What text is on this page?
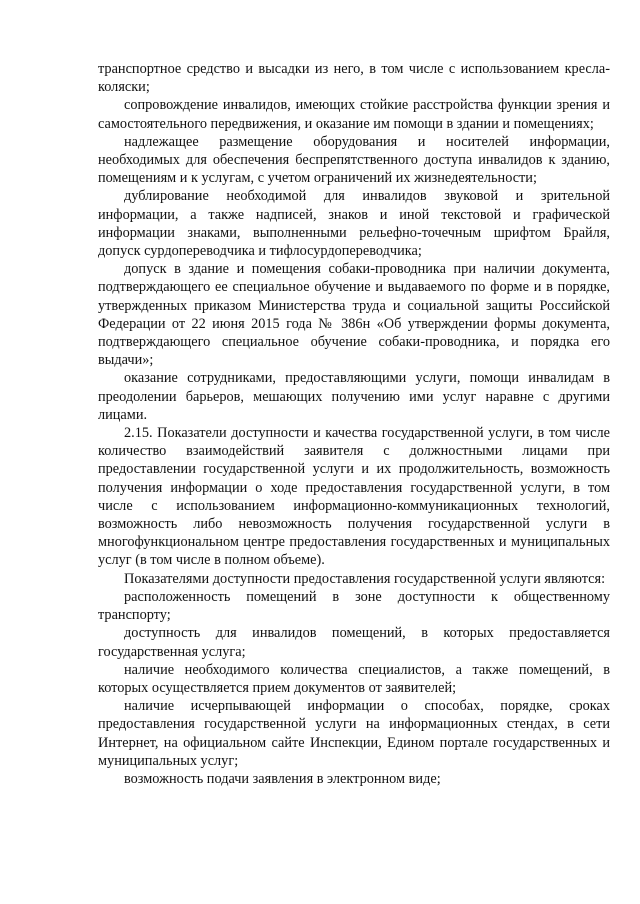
транспортное средство и высадки из него, в том числе с использованием кресла-коляски;

сопровождение инвалидов, имеющих стойкие расстройства функции зрения и самостоятельного передвижения, и оказание им помощи в здании и помещениях;

надлежащее размещение оборудования и носителей информации, необходимых для обеспечения беспрепятственного доступа инвалидов к зданию, помещениям и к услугам, с учетом ограничений их жизнедеятельности;

дублирование необходимой для инвалидов звуковой и зрительной информации, а также надписей, знаков и иной текстовой и графической информации знаками, выполненными рельефно-точечным шрифтом Брайля, допуск сурдопереводчика и тифлосурдопереводчика;

допуск в здание и помещения собаки-проводника при наличии документа, подтверждающего ее специальное обучение и выдаваемого по форме и в порядке, утвержденных приказом Министерства труда и социальной защиты Российской Федерации от 22 июня 2015 года № 386н «Об утверждении формы документа, подтверждающего специальное обучение собаки-проводника, и порядка его выдачи»;

оказание сотрудниками, предоставляющими услуги, помощи инвалидам в преодолении барьеров, мешающих получению ими услуг наравне с другими лицами.

2.15. Показатели доступности и качества государственной услуги, в том числе количество взаимодействий заявителя с должностными лицами при предоставлении государственной услуги и их продолжительность, возможность получения информации о ходе предоставления государственной услуги, в том числе с использованием информационно-коммуникационных технологий, возможность либо невозможность получения государственной услуги в многофункциональном центре предоставления государственных и муниципальных услуг (в том числе в полном объеме).

Показателями доступности предоставления государственной услуги являются:

расположенность помещений в зоне доступности к общественному транспорту;

доступность для инвалидов помещений, в которых предоставляется государственная услуга;

наличие необходимого количества специалистов, а также помещений, в которых осуществляется прием документов от заявителей;

наличие исчерпывающей информации о способах, порядке, сроках предоставления государственной услуги на информационных стендах, в сети Интернет, на официальном сайте Инспекции, Едином портале государственных и муниципальных услуг;

возможность подачи заявления в электронном виде;
